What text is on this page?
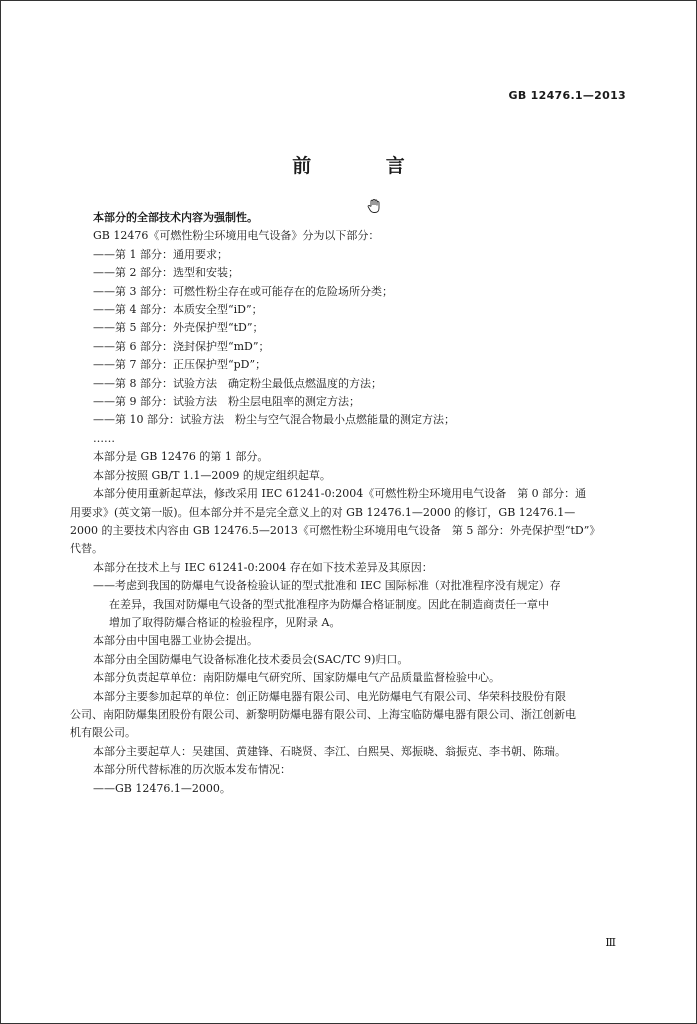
GB 12476.1—2013
前 言

本部分的全部技术内容为强制性。

GB 12476《可燃性粉尘环境用电气设备》分为以下部分：

——第 1 部分：通用要求；

——第 2 部分：选型和安装；

——第 3 部分：可燃性粉尘存在或可能存在的危险场所分类；

——第 4 部分：本质安全型“iD”；

——第 5 部分：外壳保护型“tD”；

——第 6 部分：浇封保护型“mD”；

——第 7 部分：正压保护型“pD”；

——第 8 部分：试验方法　确定粉尘最低点燃温度的方法；

——第 9 部分：试验方法　粉尘层电阻率的测定方法；

——第 10 部分：试验方法　粉尘与空气混合物最小点燃能量的测定方法；

……

本部分是 GB 12476 的第 1 部分。

本部分按照 GB/T 1.1—2009 的规定组织起草。

本部分使用重新起草法，修改采用 IEC 61241-0:2004《可燃性粉尘环境用电气设备　第 0 部分：通

用要求》(英文第一版)。但本部分并不是完全意义上的对 GB 12476.1—2000 的修订，GB 12476.1—

2000 的主要技术内容由 GB 12476.5—2013《可燃性粉尘环境用电气设备　第 5 部分：外壳保护型“tD”》

代替。

本部分在技术上与 IEC 61241-0:2004 存在如下技术差异及其原因：

——考虑到我国的防爆电气设备检验认证的型式批准和 IEC 国际标准（对批准程序没有规定）存

在差异，我国对防爆电气设备的型式批准程序为防爆合格证制度。因此在制造商责任一章中

增加了取得防爆合格证的检验程序，见附录 A。

本部分由中国电器工业协会提出。

本部分由全国防爆电气设备标准化技术委员会(SAC/TC 9)归口。

本部分负责起草单位：南阳防爆电气研究所、国家防爆电气产品质量监督检验中心。

本部分主要参加起草的单位：创正防爆电器有限公司、电光防爆电气有限公司、华荣科技股份有限

公司、南阳防爆集团股份有限公司、新黎明防爆电器有限公司、上海宝临防爆电器有限公司、浙江创新电

机有限公司。

本部分主要起草人：吴建国、黄建锋、石晓贤、李江、白熙昊、郑振晓、翁振克、李书朝、陈瑞。

本部分所代替标准的历次版本发布情况：

——GB 12476.1—2000。

Ⅲ
